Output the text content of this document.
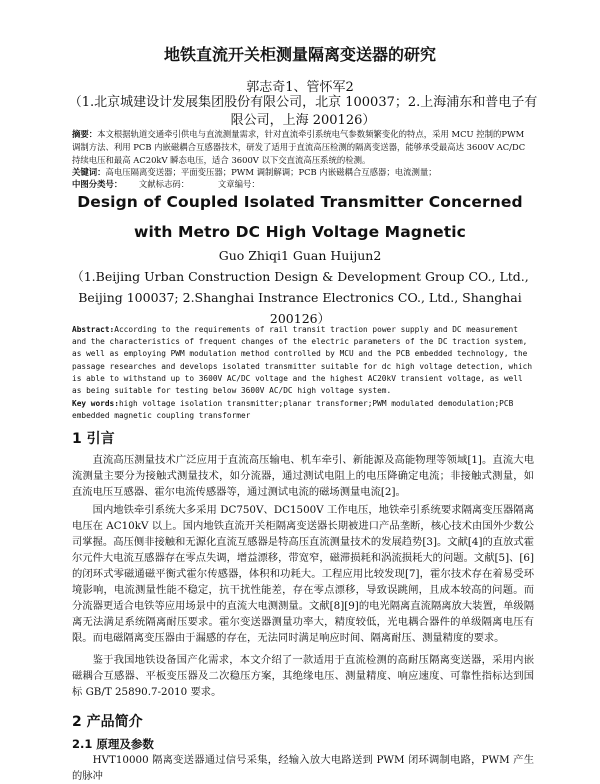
地铁直流开关柜测量隔离变送器的研究
郭志奇1、管怀军2
（1.北京城建设计发展集团股份有限公司，北京 100037；2.上海浦东和普电子有限公司，上海 200126）
摘要：本文根据轨道交通牵引供电与直流测量需求，针对直流牵引系统电气参数频繁变化的特点，采用 MCU 控制的PWM 调制方法、利用 PCB 内嵌磁耦合互感器技术，研发了适用于直流高压检测的隔离变送器，能够承受最高达 3600V AC/DC 持续电压和最高 AC20kV 瞬态电压，适合 3600V 以下交直流高压系统的检测。
关键词：高电压隔离变送器；平面变压器；PWM 调制解调；PCB 内嵌磁耦合互感器；电流测量；
中图分类号： 文献标志码：	文章编号：
Design of Coupled Isolated Transmitter Concerned with Metro DC High Voltage Magnetic
Guo Zhiqi1 Guan Huijun2
（1.Beijing Urban Construction Design & Development Group CO., Ltd., Beijing 100037; 2.Shanghai Instrance Electronics CO., Ltd., Shanghai 200126）
Abstract:According to the requirements of rail transit traction power supply and DC measurement and the characteristics of frequent changes of the electric parameters of the DC traction system, as well as employing PWM modulation method controlled by MCU and the PCB embedded technology, the passage researches and develops isolated transmitter suitable for dc high voltage detection, which is able to withstand up to 3600V AC/DC voltage and the highest AC20kV transient voltage, as well as being suitable for testing below 3600V AC/DC high voltage system.
Key words:high voltage isolation transmitter;planar transformer;PWM modulated demodulation;PCB embedded magnetic coupling transformer
1 引言
直流高压测量技术广泛应用于直流高压输电、机车牵引、新能源及高能物理等领域[1]。直流大电流测量主要分为接触式测量技术，如分流器，通过测试电阻上的电压降确定电流；非接触式测量，如直流电压互感器、霍尔电流传感器等，通过测试电流的磁场测量电流[2]。
国内地铁牵引系统大多采用 DC750V、DC1500V 工作电压，地铁牵引系统要求隔离变压器隔离电压在 AC10kV 以上。国内地铁直流开关柜隔离变送器长期被进口产品垄断，核心技术由国外少数公司掌握。高压侧非接触和无源化直流互感器是特高压直流测量技术的发展趋势[3]。文献[4]的直放式霍尔元件大电流互感器存在零点失调，增益漂移，带宽窄，磁滞损耗和涡流损耗大的问题。文献[5]、[6]的闭环式零磁通磁平衡式霍尔传感器，体积和功耗大。工程应用比较发现[7]，霍尔技术存在着易受环境影响，电流测量性能不稳定，抗干扰性能差，存在零点漂移，导致误跳闸，且成本较高的问题。而分流器更适合电铁等应用场景中的直流大电测测量。文献[8][9]的电光隔离直流隔离放大装置，单级隔离无法满足系统隔离耐压要求。霍尔变送器测量功率大，精度较低，光电耦合器件的单级隔离电压有限。而电磁隔离变压器由于漏感的存在，无法同时满足响应时间、隔离耐压、测量精度的要求。
鉴于我国地铁设备国产化需求，本文介绍了一款适用于直流检测的高耐压隔离变送器，采用内嵌磁耦合互感器、平板变压器及二次稳压方案，其绝缘电压、测量精度、响应速度、可靠性指标达到国标 GB/T 25890.7-2010 要求。
2 产品简介
2.1 原理及参数
HVT10000 隔离变送器通过信号采集，经输入放大电路送到 PWM 闭环调制电路，PWM 产生的脉冲
